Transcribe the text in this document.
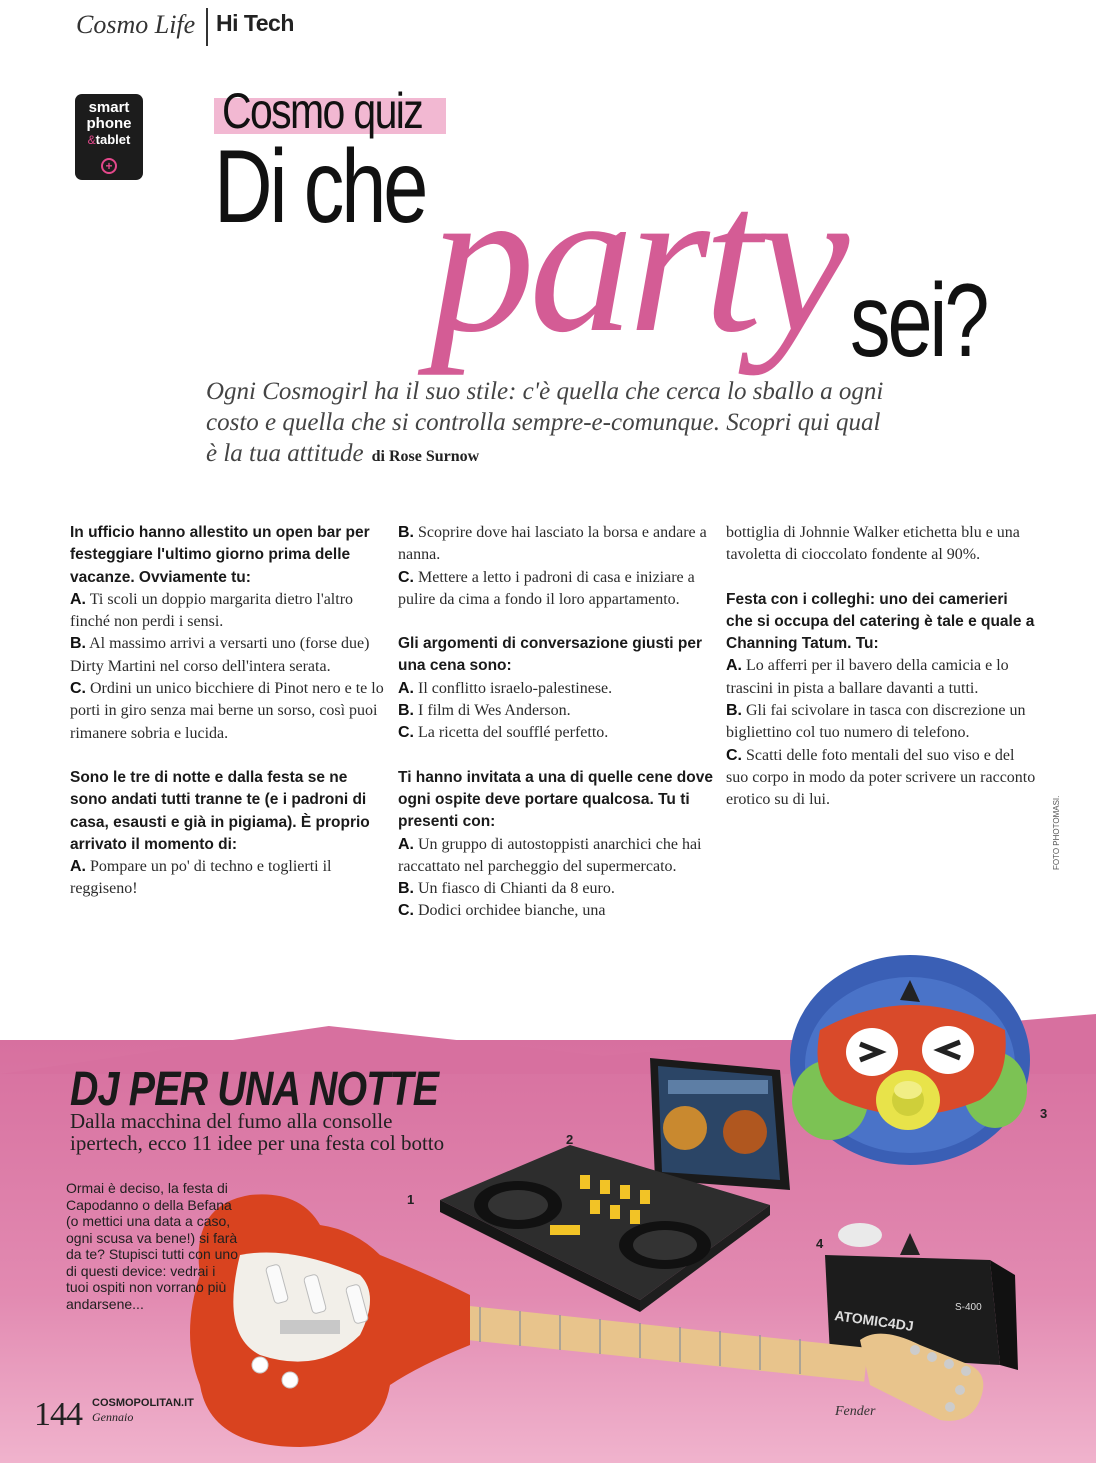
Cosmo Life Hi Tech
smart
phone
&tablet
+
Cosmo quiz
party
Di che
sei?
Ogni Cosmogirl ha il suo stile: c'è quella che cerca lo sballo a ogni costo e quella che si controlla sempre-e-comunque. Scopri qui qual è la tua attitude di Rose Surnow
In ufficio hanno allestito un open bar per festeggiare l'ultimo giorno prima delle vacanze. Ovviamente tu:
A. Ti scoli un doppio margarita dietro l'altro finché non perdi i sensi.
B. Al massimo arrivi a versarti uno (forse due) Dirty Martini nel corso dell'intera serata.
C. Ordini un unico bicchiere di Pinot nero e te lo porti in giro senza mai berne un sorso, così puoi rimanere sobria e lucida.
Sono le tre di notte e dalla festa se ne sono andati tutti tranne te (e i padroni di casa, esausti e già in pigiama). È proprio arrivato il momento di:
A. Pompare un po' di techno e toglierti il reggiseno!
B. Scoprire dove hai lasciato la borsa e andare a nanna.
C. Mettere a letto i padroni di casa e iniziare a pulire da cima a fondo il loro appartamento.
Gli argomenti di conversazione giusti per una cena sono:
A. Il conflitto israelo-palestinese.
B. I film di Wes Anderson.
C. La ricetta del soufflé perfetto.
Ti hanno invitata a una di quelle cene dove ogni ospite deve portare qualcosa. Tu ti presenti con:
A. Un gruppo di autostoppisti anarchici che hai raccattato nel parcheggio del supermercato.
B. Un fiasco di Chianti da 8 euro.
C. Dodici orchidee bianche, una
bottiglia di Johnnie Walker etichetta blu e una tavoletta di cioccolato fondente al 90%.
Festa con i colleghi: uno dei camerieri che si occupa del catering è tale e quale a Channing Tatum. Tu:
A. Lo afferri per il bavero della camicia e lo trascini in pista a ballare davanti a tutti.
B. Gli fai scivolare in tasca con discrezione un bigliettino col tuo numero di telefono.
C. Scatti delle foto mentali del suo viso e del suo corpo in modo da poter scrivere un racconto erotico su di lui.	FOTO PHOTOMASI.
ATOMIC4DJ	S-400
Fender
DJ PER UNA NOTTE
Dalla macchina del fumo alla consolle ipertech, ecco 11 idee per una festa col botto
Ormai è deciso, la festa di Capodanno o della Befana (o mettici una data a caso, ogni scusa va bene!) si farà da te? Stupisci tutti con uno di questi device: vedrai i tuoi ospiti non vorrano più andarsene...
1
2
3
4
144 COSMOPOLITAN.IT
Gennaio
